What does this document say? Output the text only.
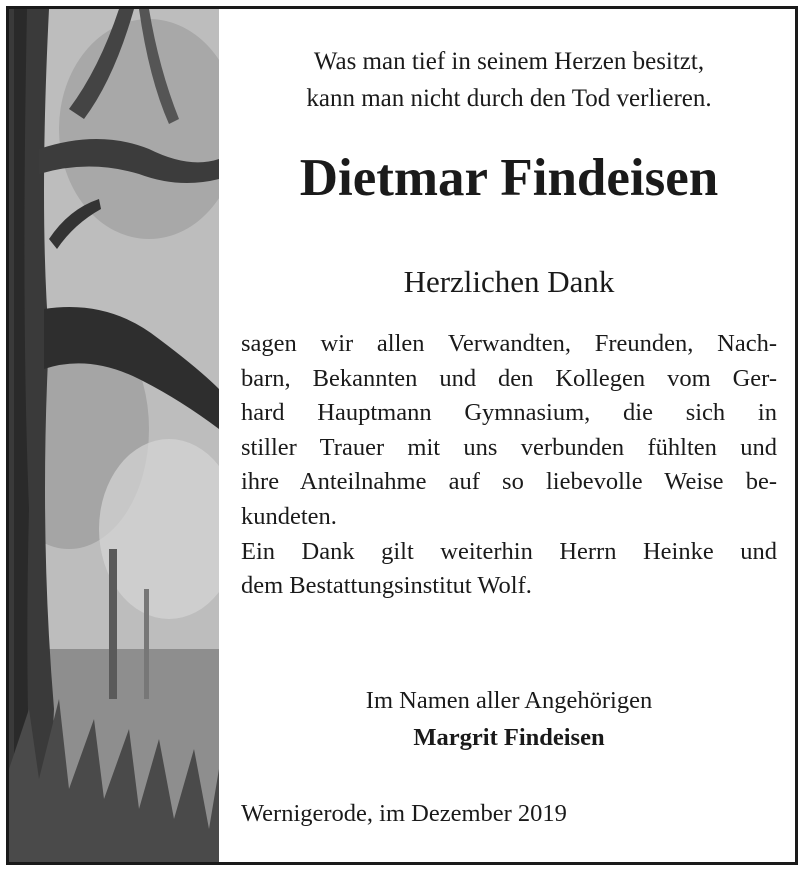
Was man tief in seinem Herzen besitzt,
kann man nicht durch den Tod verlieren.
Dietmar Findeisen
Herzlichen Dank
sagen wir allen Verwandten, Freunden, Nach-
barn, Bekannten und den Kollegen vom Ger-
hard Hauptmann Gymnasium, die sich in
stiller Trauer mit uns verbunden fühlten und
ihre Anteilnahme auf so liebevolle Weise be-
kundeten.
Ein Dank gilt weiterhin Herrn Heinke und
dem Bestattungsinstitut Wolf.
Im Namen aller Angehörigen
Margrit Findeisen
Wernigerode, im Dezember 2019
